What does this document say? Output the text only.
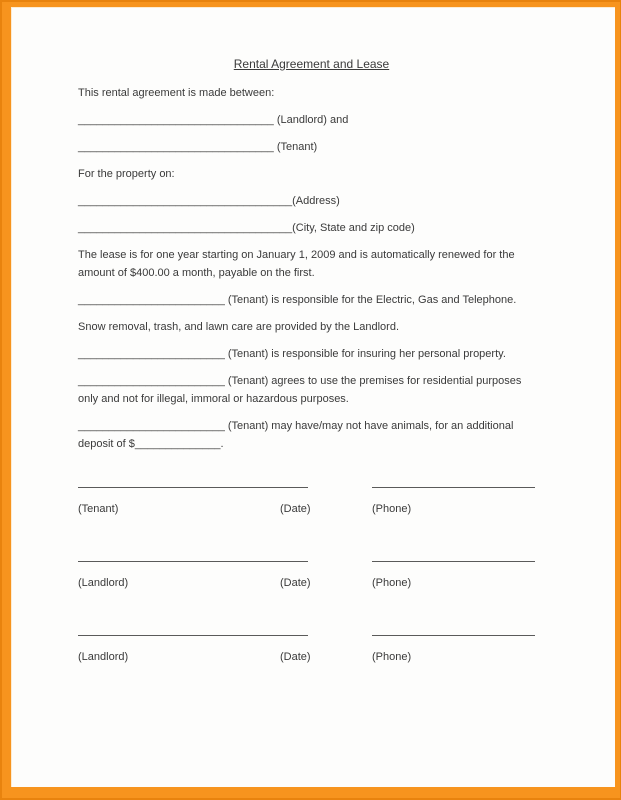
Rental Agreement and Lease

This rental agreement is made between:

________________________________ (Landlord) and

________________________________ (Tenant)

For the property on:

___________________________________(Address)

___________________________________(City, State and zip code)

The lease is for one year starting on January 1, 2009 and is automatically renewed for the
amount of $400.00 a month, payable on the first.

________________________ (Tenant) is responsible for the Electric, Gas and Telephone.

Snow removal, trash, and lawn care are provided by the Landlord.

________________________ (Tenant) is responsible for insuring her personal property.

________________________ (Tenant) agrees to use the premises for residential purposes
only and not for illegal, immoral or hazardous purposes.

________________________ (Tenant) may have/may not have animals, for an additional
deposit of $______________.

(Tenant)	(Date)	(Phone)
(Landlord)	(Date)	(Phone)
(Landlord)	(Date)	(Phone)
